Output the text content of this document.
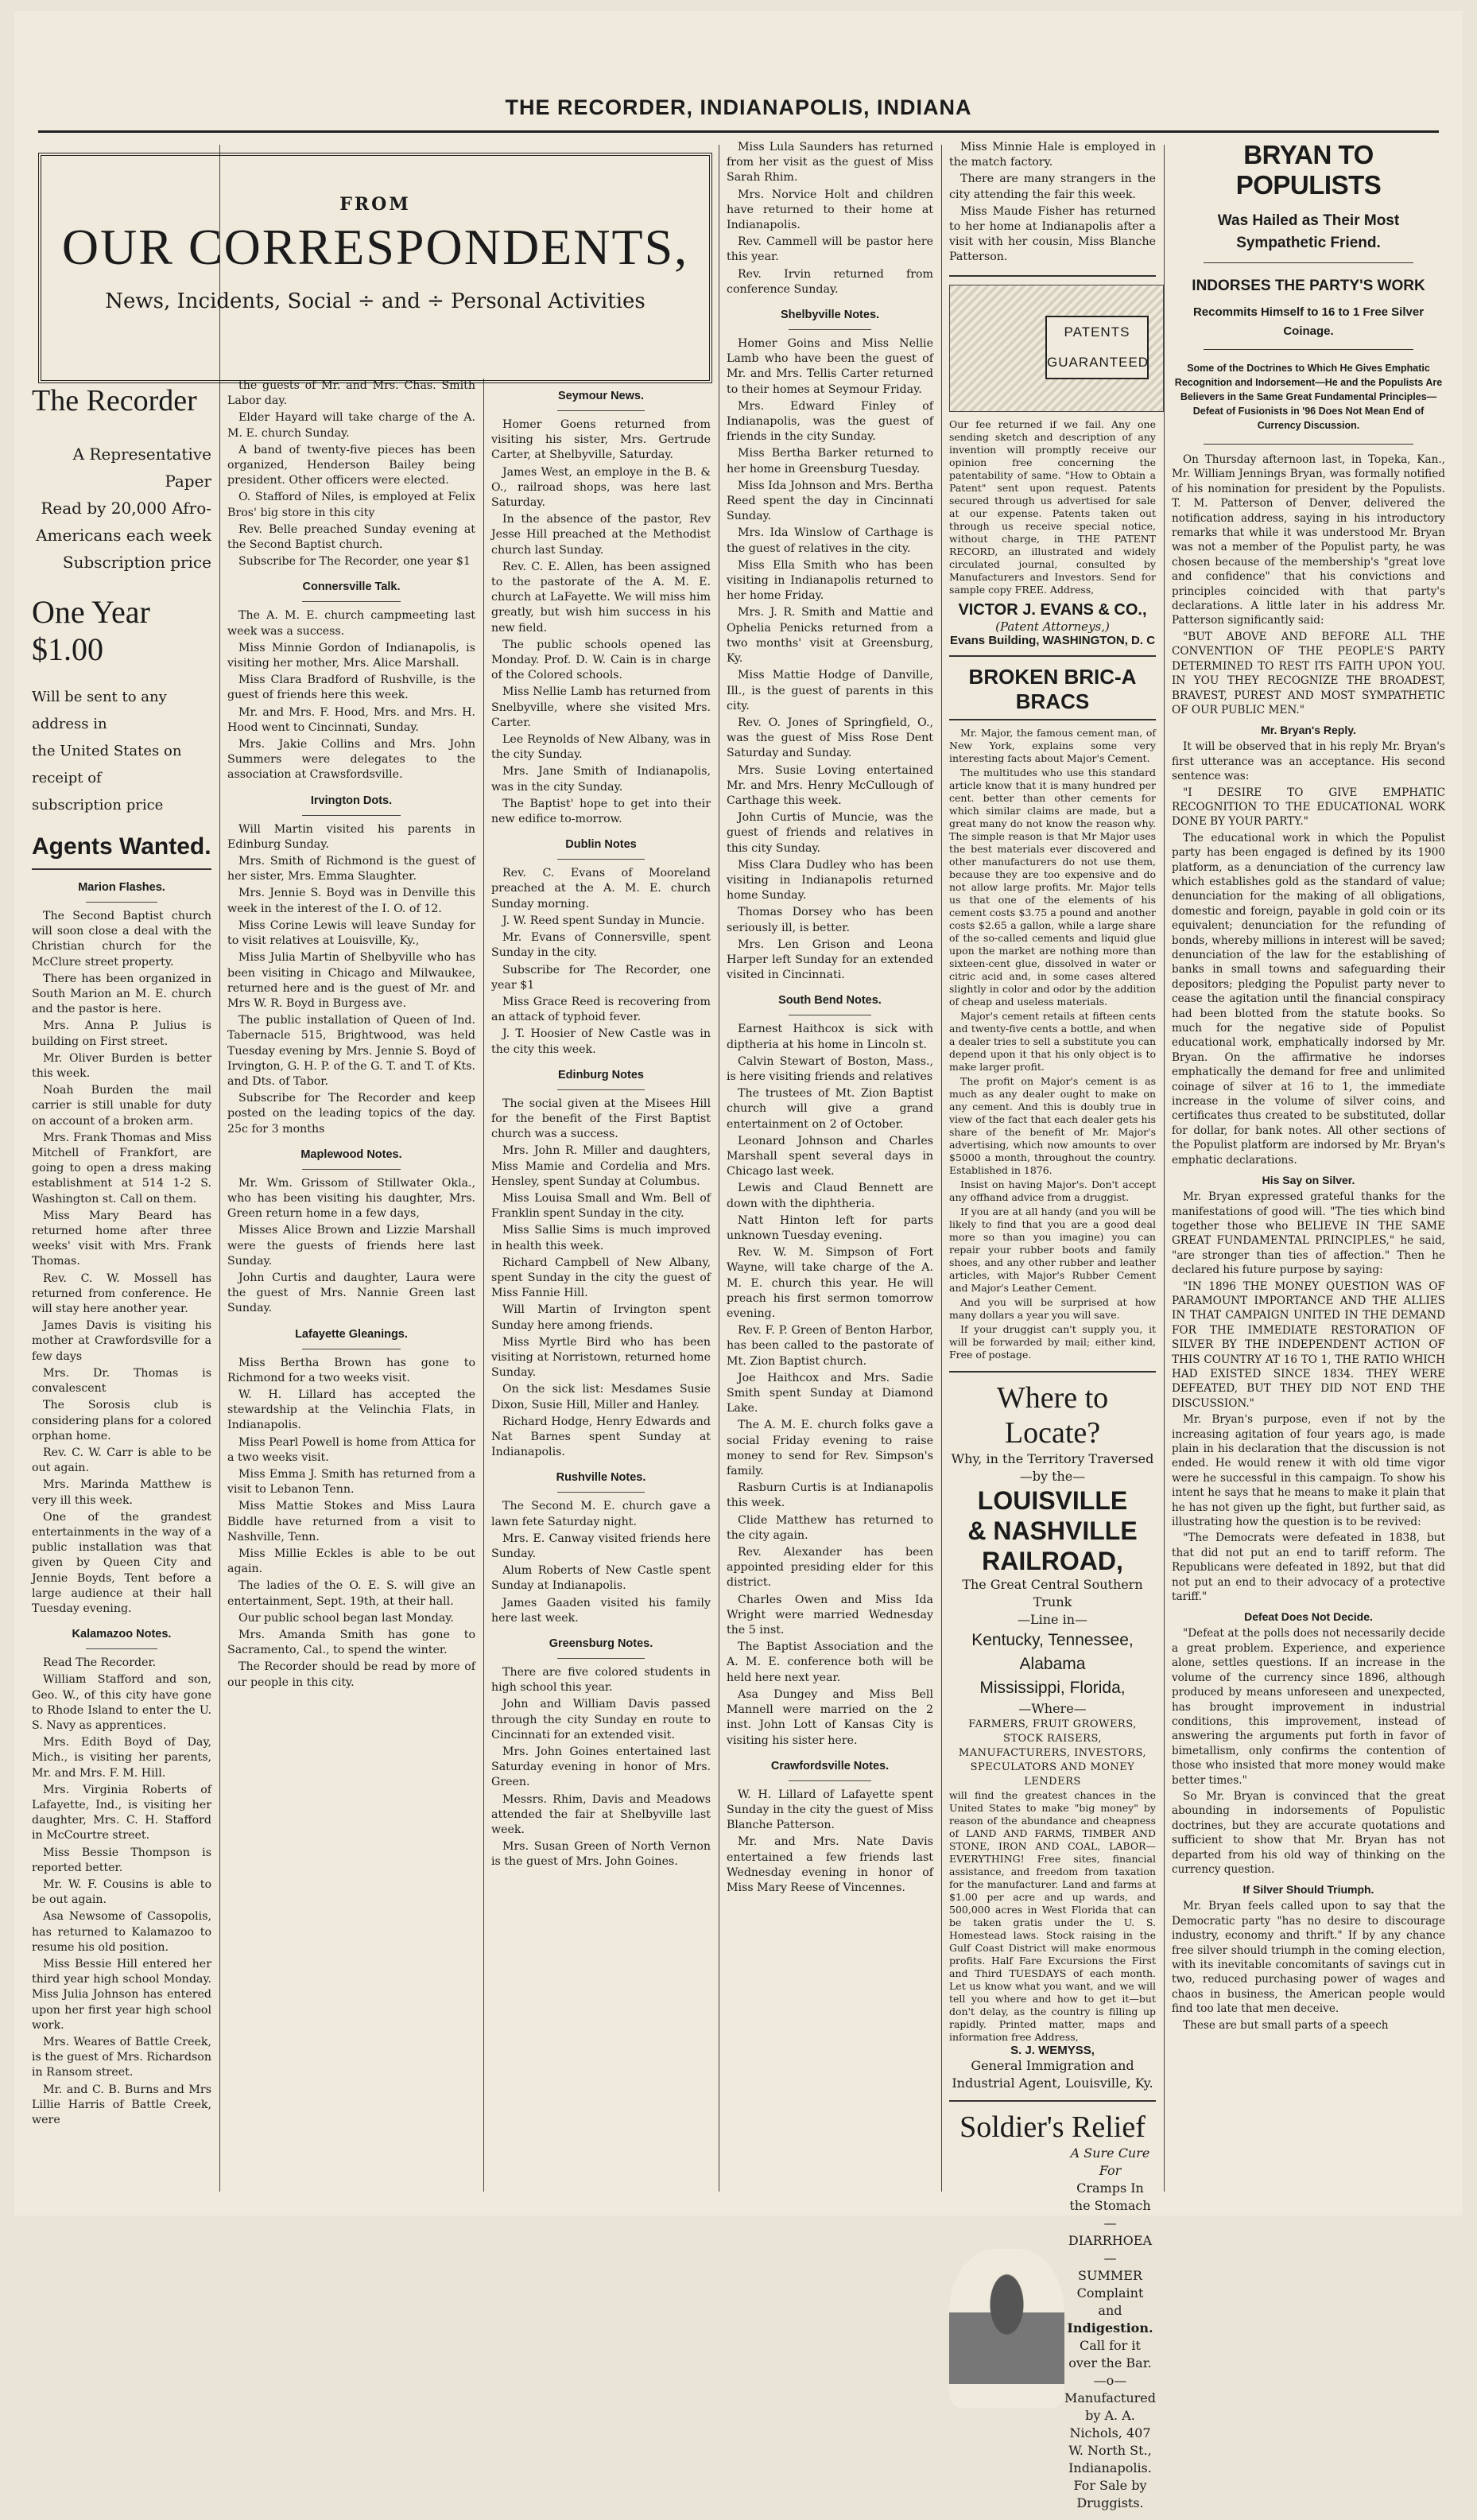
THE RECORDER, INDIANAPOLIS, INDIANA
FROM
OUR CORRESPONDENTS,
News, Incidents, Social ÷ and ÷ Personal Activities
The Recorder
A Representative Paper
Read by 20,000 Afro-
Americans each week
Subscription price
One Year $1.00
Will be sent to any address in
the United States on receipt of
subscription price
Agents Wanted.
Marion Flashes.

The Second Baptist church will soon close a deal with the Christian church for the McClure street property.

There has been organized in South Marion an M. E. church and the pastor is here.

Mrs. Anna P. Julius is building on First street.

Mr. Oliver Burden is better this week.

Noah Burden the mail carrier is still unable for duty on account of a broken arm.

Mrs. Frank Thomas and Miss Mitchell of Frankfort, are going to open a dress making establishment at 514 1-2 S. Washington st. Call on them.

Miss Mary Beard has returned home after three weeks' visit with Mrs. Frank Thomas.

Rev. C. W. Mossell has returned from conference. He will stay here another year.

James Davis is visiting his mother at Crawfordsville for a few days

Mrs. Dr. Thomas is convalescent

The Sorosis club is considering plans for a colored orphan home.

Rev. C. W. Carr is able to be out again.

Mrs. Marinda Matthew is very ill this week.

One of the grandest entertainments in the way of a public installation was that given by Queen City and Jennie Boyds, Tent before a large audience at their hall Tuesday evening.

Kalamazoo Notes.

Read The Recorder.

William Stafford and son, Geo. W., of this city have gone to Rhode Island to enter the U. S. Navy as apprentices.

Mrs. Edith Boyd of Day, Mich., is visiting her parents, Mr. and Mrs. F. M. Hill.

Mrs. Virginia Roberts of Lafayette, Ind., is visiting her daughter, Mrs. C. H. Stafford in McCourtre street.

Miss Bessie Thompson is reported better.

Mr. W. F. Cousins is able to be out again.

Asa Newsome of Cassopolis, has returned to Kalamazoo to resume his old position.

Miss Bessie Hill entered her third year high school Monday. Miss Julia Johnson has entered upon her first year high school work.

Mrs. Weares of Battle Creek, is the guest of Mrs. Richardson in Ransom street.

Mr. and C. B. Burns and Mrs Lillie Harris of Battle Creek, were

the guests of Mr. and Mrs. Chas. Smith Labor day.

Elder Hayard will take charge of the A. M. E. church Sunday.

A band of twenty-five pieces has been organized, Henderson Bailey being president. Other officers were elected.

O. Stafford of Niles, is employed at Felix Bros' big store in this city

Rev. Belle preached Sunday evening at the Second Baptist church.

Subscribe for The Recorder, one year $1

Connersville Talk.

The A. M. E. church campmeeting last week was a success.

Miss Minnie Gordon of Indianapolis, is visiting her mother, Mrs. Alice Marshall.

Miss Clara Bradford of Rushville, is the guest of friends here this week.

Mr. and Mrs. F. Hood, Mrs. and Mrs. H. Hood went to Cincinnati, Sunday.

Mrs. Jakie Collins and Mrs. John Summers were delegates to the association at Crawsfordsville.

Irvington Dots.

Will Martin visited his parents in Edinburg Sunday.

Mrs. Smith of Richmond is the guest of her sister, Mrs. Emma Slaughter.

Mrs. Jennie S. Boyd was in Denville this week in the interest of the I. O. of 12.

Miss Corine Lewis will leave Sunday for to visit relatives at Louisville, Ky.,

Miss Julia Martin of Shelbyville who has been visiting in Chicago and Milwaukee, returned here and is the guest of Mr. and Mrs W. R. Boyd in Burgess ave.

The public installation of Queen of Ind. Tabernacle 515, Brightwood, was held Tuesday evening by Mrs. Jennie S. Boyd of Irvington, G. H. P. of the G. T. and T. of Kts. and Dts. of Tabor.

Subscribe for The Recorder and keep posted on the leading topics of the day. 25c for 3 months

Maplewood Notes.

Mr. Wm. Grissom of Stillwater Okla., who has been visiting his daughter, Mrs. Green return home in a few days,

Misses Alice Brown and Lizzie Marshall were the guests of friends here last Sunday.

John Curtis and daughter, Laura were the guest of Mrs. Nannie Green last Sunday.

Lafayette Gleanings.

Miss Bertha Brown has gone to Richmond for a two weeks visit.

W. H. Lillard has accepted the stewardship at the Velinchia Flats, in Indianapolis.

Miss Pearl Powell is home from Attica for a two weeks visit.

Miss Emma J. Smith has returned from a visit to Lebanon Tenn.

Miss Mattie Stokes and Miss Laura Biddle have returned from a visit to Nashville, Tenn.

Miss Millie Eckles is able to be out again.

The ladies of the O. E. S. will give an entertainment, Sept. 19th, at their hall.

Our public school began last Monday.

Mrs. Amanda Smith has gone to Sacramento, Cal., to spend the winter.

The Recorder should be read by more of our people in this city.

Seymour News.

Homer Goens returned from visiting his sister, Mrs. Gertrude Carter, at Shelbyville, Saturday.

James West, an employe in the B. & O., railroad shops, was here last Saturday.

In the absence of the pastor, Rev Jesse Hill preached at the Methodist church last Sunday.

Rev. C. E. Allen, has been assigned to the pastorate of the A. M. E. church at LaFayette. We will miss him greatly, but wish him success in his new field.

The public schools opened las Monday. Prof. D. W. Cain is in charge of the Colored schools.

Miss Nellie Lamb has returned from Snelbyville, where she visited Mrs. Carter.

Lee Reynolds of New Albany, was in the city Sunday.

Mrs. Jane Smith of Indianapolis, was in the city Sunday.

The Baptist' hope to get into their new edifice to-morrow.

Dublin Notes

Rev. C. Evans of Mooreland preached at the A. M. E. church Sunday morning.

J. W. Reed spent Sunday in Muncie.

Mr. Evans of Connersville, spent Sunday in the city.

Subscribe for The Recorder, one year $1

Miss Grace Reed is recovering from an attack of typhoid fever.

J. T. Hoosier of New Castle was in the city this week.

Edinburg Notes

The social given at the Misees Hill for the benefit of the First Baptist church was a success.

Mrs. John R. Miller and daughters, Miss Mamie and Cordelia and Mrs. Hensley, spent Sunday at Columbus.

Miss Louisa Small and Wm. Bell of Franklin spent Sunday in the city.

Miss Sallie Sims is much improved in health this week.

Richard Campbell of New Albany, spent Sunday in the city the guest of Miss Fannie Hill.

Will Martin of Irvington spent Sunday here among friends.

Miss Myrtle Bird who has been visiting at Norristown, returned home Sunday.

On the sick list: Mesdames Susie Dixon, Susie Hill, Miller and Hanley.

Richard Hodge, Henry Edwards and Nat Barnes spent Sunday at Indianapolis.

Rushville Notes.

The Second M. E. church gave a lawn fete Saturday night.

Mrs. E. Canway visited friends here Sunday.

Alum Roberts of New Castle spent Sunday at Indianapolis.

James Gaaden visited his family here last week.

Greensburg Notes.

There are five colored students in high school this year.

John and William Davis passed through the city Sunday en route to Cincinnati for an extended visit.

Mrs. John Goines entertained last Saturday evening in honor of Mrs. Green.

Messrs. Rhim, Davis and Meadows attended the fair at Shelbyville last week.

Mrs. Susan Green of North Vernon is the guest of Mrs. John Goines.

Miss Lula Saunders has returned from her visit as the guest of Miss Sarah Rhim.

Mrs. Norvice Holt and children have returned to their home at Indianapolis.

Rev. Cammell will be pastor here this year.

Rev. Irvin returned from conference Sunday.

Shelbyville Notes.

Homer Goins and Miss Nellie Lamb who have been the guest of Mr. and Mrs. Tellis Carter returned to their homes at Seymour Friday.

Mrs. Edward Finley of Indianapolis, was the guest of friends in the city Sunday.

Miss Bertha Barker returned to her home in Greensburg Tuesday.

Miss Ida Johnson and Mrs. Bertha Reed spent the day in Cincinnati Sunday.

Mrs. Ida Winslow of Carthage is the guest of relatives in the city.

Miss Ella Smith who has been visiting in Indianapolis returned to her home Friday.

Mrs. J. R. Smith and Mattie and Ophelia Penicks returned from a two months' visit at Greensburg, Ky.

Miss Mattie Hodge of Danville, Ill., is the guest of parents in this city.

Rev. O. Jones of Springfield, O., was the guest of Miss Rose Dent Saturday and Sunday.

Mrs. Susie Loving entertained Mr. and Mrs. Henry McCullough of Carthage this week.

John Curtis of Muncie, was the guest of friends and relatives in this city Sunday.

Miss Clara Dudley who has been visiting in Indianapolis returned home Sunday.

Thomas Dorsey who has been seriously ill, is better.

Mrs. Len Grison and Leona Harper left Sunday for an extended visited in Cincinnati.

South Bend Notes.

Earnest Haithcox is sick with diptheria at his home in Lincoln st.

Calvin Stewart of Boston, Mass., is here visiting friends and relatives

The trustees of Mt. Zion Baptist church will give a grand entertainment on 2 of October.

Leonard Johnson and Charles Marshall spent several days in Chicago last week.

Lewis and Claud Bennett are down with the diphtheria.

Natt Hinton left for parts unknown Tuesday evening.

Rev. W. M. Simpson of Fort Wayne, will take charge of the A. M. E. church this year. He will preach his first sermon tomorrow evening.

Rev. F. P. Green of Benton Harbor, has been called to the pastorate of Mt. Zion Baptist church.

Joe Haithcox and Mrs. Sadie Smith spent Sunday at Diamond Lake.

The A. M. E. church folks gave a social Friday evening to raise money to send for Rev. Simpson's family.

Rasburn Curtis is at Indianapolis this week.

Clide Matthew has returned to the city again.

Rev. Alexander has been appointed presiding elder for this district.

Charles Owen and Miss Ida Wright were married Wednesday the 5 inst.

The Baptist Association and the A. M. E. conference both will be held here next year.

Asa Dungey and Miss Bell Mannell were married on the 2 inst. John Lott of Kansas City is visiting his sister here.

Crawfordsville Notes.

W. H. Lillard of Lafayette spent Sunday in the city the guest of Miss Blanche Patterson.

Mr. and Mrs. Nate Davis entertained a few friends last Wednesday evening in honor of Miss Mary Reese of Vincennes.

Miss Minnie Hale is employed in the match factory.

There are many strangers in the city attending the fair this week.

Miss Maude Fisher has returned to her home at Indianapolis after a visit with her cousin, Miss Blanche Patterson.

PATENTS
GUARANTEED
Our fee returned if we fail. Any one sending sketch and description of any invention will promptly receive our opinion free concerning the patentability of same. "How to Obtain a Patent" sent upon request. Patents secured through us advertised for sale at our expense. Patents taken out through us receive special notice, without charge, in THE PATENT RECORD, an illustrated and widely circulated journal, consulted by Manufacturers and Investors. Send for sample copy FREE. Address,
VICTOR J. EVANS & CO.,
(Patent Attorneys,)
Evans Building, WASHINGTON, D. C
BROKEN BRIC-A BRACS

Mr. Major, the famous cement man, of New York, explains some very interesting facts about Major's Cement.

The multitudes who use this standard article know that it is many hundred per cent. better than other cements for which similar claims are made, but a great many do not know the reason why. The simple reason is that Mr Major uses the best materials ever discovered and other manufacturers do not use them, because they are too expensive and do not allow large profits. Mr. Major tells us that one of the elements of his cement costs $3.75 a pound and another costs $2.65 a gallon, while a large share of the so-called cements and liquid glue upon the market are nothing more than sixteen-cent glue, dissolved in water or citric acid and, in some cases altered slightly in color and odor by the addition of cheap and useless materials.

Major's cement retails at fifteen cents and twenty-five cents a bottle, and when a dealer tries to sell a substitute you can depend upon it that his only object is to make larger profit.

The profit on Major's cement is as much as any dealer ought to make on any cement. And this is doubly true in view of the fact that each dealer gets his share of the benefit of Mr. Major's advertising, which now amounts to over $5000 a month, throughout the country. Established in 1876.

Insist on having Major's. Don't accept any offhand advice from a druggist.

If you are at all handy (and you will be likely to find that you are a good deal more so than you imagine) you can repair your rubber boots and family shoes, and any other rubber and leather articles, with Major's Rubber Cement and Major's Leather Cement.

And you will be surprised at how many dollars a year you will save.

If your druggist can't supply you, it will be forwarded by mail; either kind, Free of postage.

Where to Locate?
Why, in the Territory Traversed
—by the—
LOUISVILLE
& NASHVILLE
RAILROAD,
The Great Central Southern Trunk
—Line in—
Kentucky, Tennessee, Alabama
Mississippi, Florida,
—Where—
FARMERS, FRUIT GROWERS, STOCK RAISERS, MANUFACTURERS, INVESTORS, SPECULATORS AND MONEY LENDERS
will find the greatest chances in the United States to make "big money" by reason of the abundance and cheapness of LAND AND FARMS, TIMBER AND STONE, IRON AND COAL, LABOR—EVERYTHING! Free sites, financial assistance, and freedom from taxation for the manufacturer. Land and farms at $1.00 per acre and up wards, and 500,000 acres in West Florida that can be taken gratis under the U. S. Homestead laws. Stock raising in the Gulf Coast District will make enormous profits. Half Fare Excursions the First and Third TUESDAYS of each month. Let us know what you want, and we will tell you where and how to get it—but don't delay, as the country is filling up rapidly. Printed matter, maps and information free Address,
S. J. WEMYSS,
General Immigration and Industrial Agent, Louisville, Ky.
Soldier's Relief
A Sure Cure For
Cramps In the Stomach
—DIARRHOEA—
SUMMER Complaint and
Indigestion.
Call for it over the Bar.
—o—
Manufactured by A. A. Nichols, 407 W. North St., Indianapolis.
For Sale by Druggists.
BRYAN TO POPULISTS
Was Hailed as Their Most Sympathetic Friend.
INDORSES THE PARTY'S WORK
Recommits Himself to 16 to 1 Free Silver Coinage.
Some of the Doctrines to Which He Gives Emphatic Recognition and Indorsement—He and the Populists Are Believers in the Same Great Fundamental Principles—Defeat of Fusionists in '96 Does Not Mean End of Currency Discussion.

On Thursday afternoon last, in Topeka, Kan., Mr. William Jennings Bryan, was formally notified of his nomination for president by the Populists. T. M. Patterson of Denver, delivered the notification address, saying in his introductory remarks that while it was understood Mr. Bryan was not a member of the Populist party, he was chosen because of the membership's "great love and confidence" that his convictions and principles coincided with that party's declarations. A little later in his address Mr. Patterson significantly said:

"BUT ABOVE AND BEFORE ALL THE CONVENTION OF THE PEOPLE'S PARTY DETERMINED TO REST ITS FAITH UPON YOU. IN YOU THEY RECOGNIZE THE BROADEST, BRAVEST, PUREST AND MOST SYMPATHETIC OF OUR PUBLIC MEN."

Mr. Bryan's Reply.

It will be observed that in his reply Mr. Bryan's first utterance was an acceptance. His second sentence was:

"I DESIRE TO GIVE EMPHATIC RECOGNITION TO THE EDUCATIONAL WORK DONE BY YOUR PARTY."

The educational work in which the Populist party has been engaged is defined by its 1900 platform, as a denunciation of the currency law which establishes gold as the standard of value; denunciation for the making of all obligations, domestic and foreign, payable in gold coin or its equivalent; denunciation for the refunding of bonds, whereby millions in interest will be saved; denunciation of the law for the establishing of banks in small towns and safeguarding their depositors; pledging the Populist party never to cease the agitation until the financial conspiracy had been blotted from the statute books. So much for the negative side of Populist educational work, emphatically indorsed by Mr. Bryan. On the affirmative he indorses emphatically the demand for free and unlimited coinage of silver at 16 to 1, the immediate increase in the volume of silver coins, and certificates thus created to be substituted, dollar for dollar, for bank notes. All other sections of the Populist platform are indorsed by Mr. Bryan's emphatic declarations.

His Say on Silver.

Mr. Bryan expressed grateful thanks for the manifestations of good will. "The ties which bind together those who BELIEVE IN THE SAME GREAT FUNDAMENTAL PRINCIPLES," he said, "are stronger than ties of affection." Then he declared his future purpose by saying:

"IN 1896 THE MONEY QUESTION WAS OF PARAMOUNT IMPORTANCE AND THE ALLIES IN THAT CAMPAIGN UNITED IN THE DEMAND FOR THE IMMEDIATE RESTORATION OF SILVER BY THE INDEPENDENT ACTION OF THIS COUNTRY AT 16 TO 1, THE RATIO WHICH HAD EXISTED SINCE 1834. THEY WERE DEFEATED, BUT THEY DID NOT END THE DISCUSSION."

Mr. Bryan's purpose, even if not by the increasing agitation of four years ago, is made plain in his declaration that the discussion is not ended. He would renew it with old time vigor were he successful in this campaign. To show his intent he says that he means to make it plain that he has not given up the fight, but further said, as illustrating how the question is to be revived:

"The Democrats were defeated in 1838, but that did not put an end to tariff reform. The Republicans were defeated in 1892, but that did not put an end to their advocacy of a protective tariff."

Defeat Does Not Decide.

"Defeat at the polls does not necessarily decide a great problem. Experience, and experience alone, settles questions. If an increase in the volume of the currency since 1896, although produced by means unforeseen and unexpected, has brought improvement in industrial conditions, this improvement, instead of answering the arguments put forth in favor of bimetallism, only confirms the contention of those who insisted that more money would make better times."

So Mr. Bryan is convinced that the great abounding in indorsements of Populistic doctrines, but they are accurate quotations and sufficient to show that Mr. Bryan has not departed from his old way of thinking on the currency question.

If Silver Should Triumph.

Mr. Bryan feels called upon to say that the Democratic party "has no desire to discourage industry, economy and thrift." If by any chance free silver should triumph in the coming election, with its inevitable concomitants of savings cut in two, reduced purchasing power of wages and chaos in business, the American people would find too late that men deceive.

These are but small parts of a speech
